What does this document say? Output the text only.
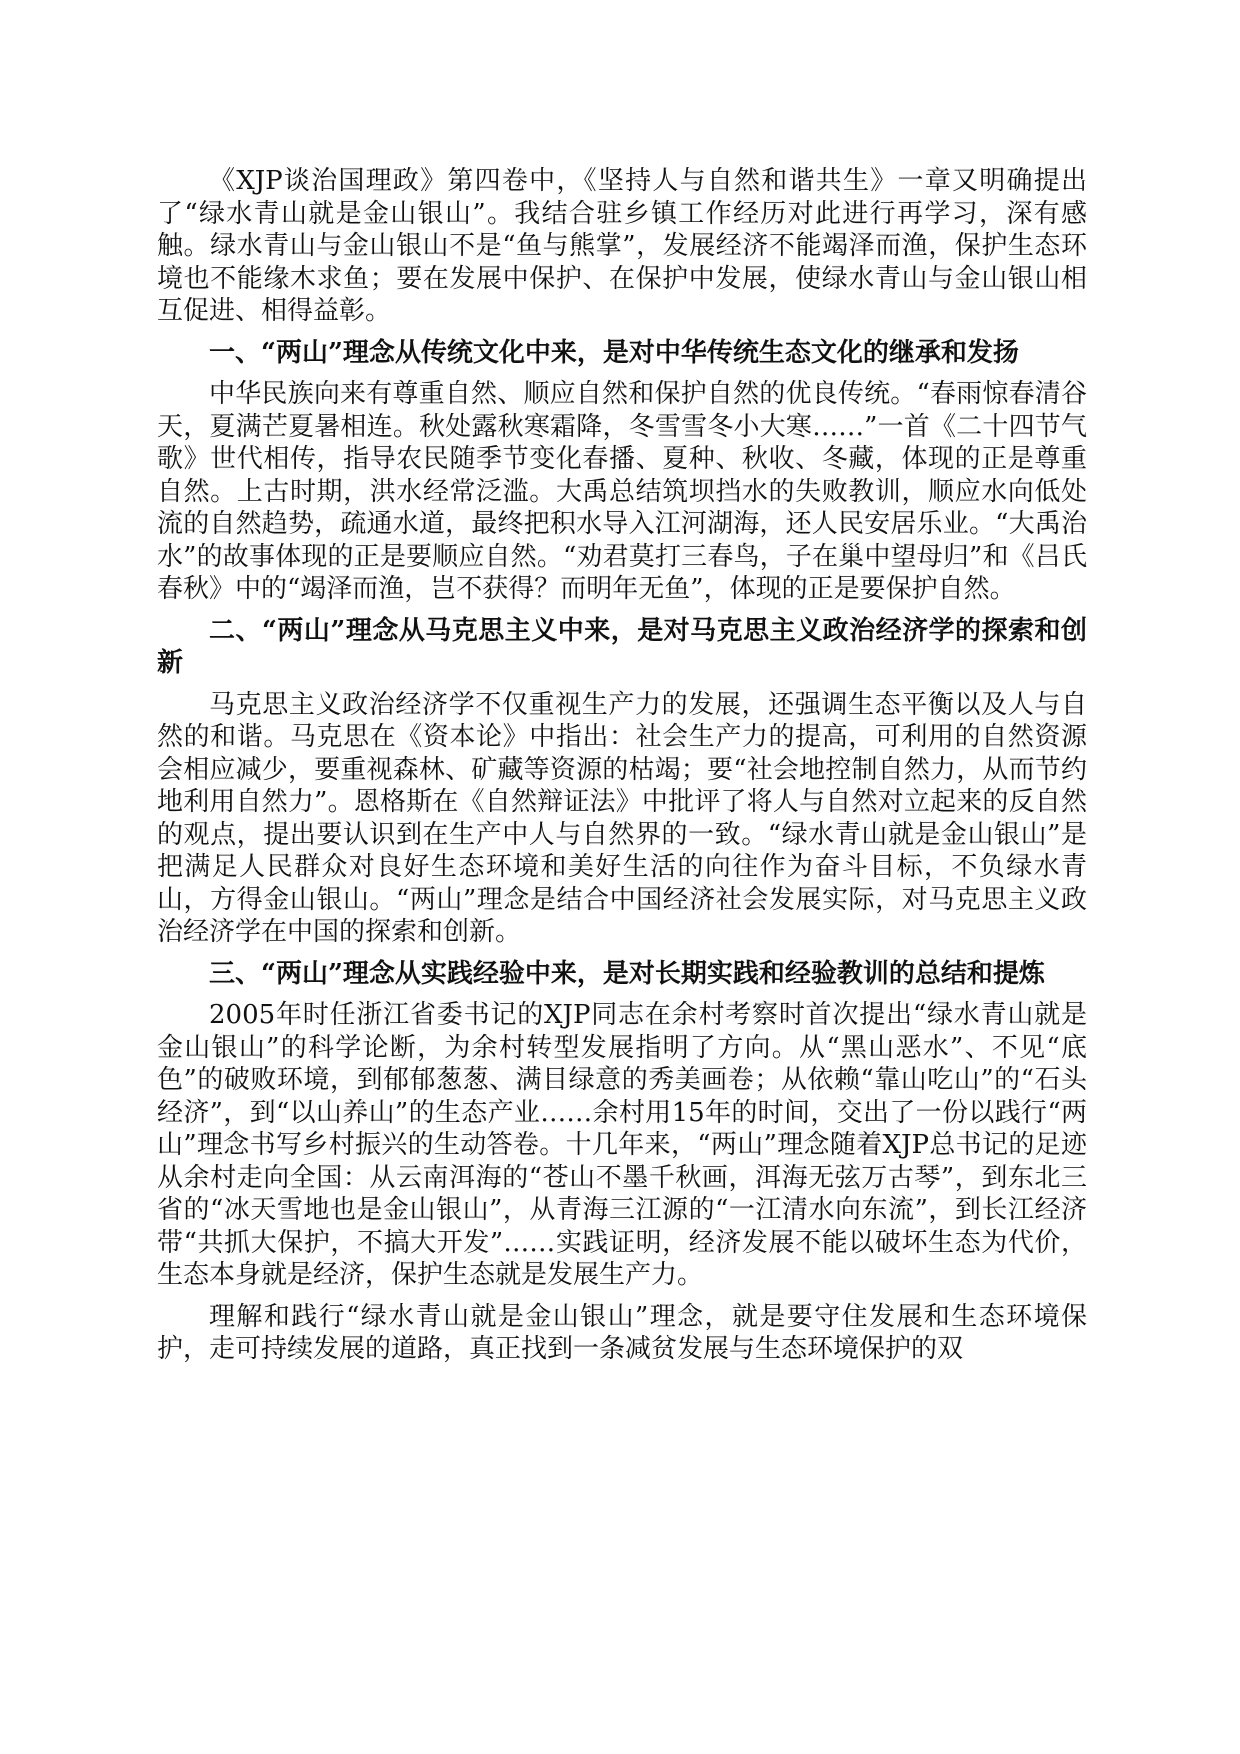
《XJP谈治国理政》第四卷中，《坚持人与自然和谐共生》一章又明确提出了“绿水青山就是金山银山”。我结合驻乡镇工作经历对此进行再学习，深有感触。绿水青山与金山银山不是“鱼与熊掌”，发展经济不能竭泽而渔，保护生态环境也不能缘木求鱼；要在发展中保护、在保护中发展，使绿水青山与金山银山相互促进、相得益彰。

一、“两山”理念从传统文化中来，是对中华传统生态文化的继承和发扬

中华民族向来有尊重自然、顺应自然和保护自然的优良传统。“春雨惊春清谷天，夏满芒夏暑相连。秋处露秋寒霜降，冬雪雪冬小大寒……”一首《二十四节气歌》世代相传，指导农民随季节变化春播、夏种、秋收、冬藏，体现的正是尊重自然。上古时期，洪水经常泛滥。大禹总结筑坝挡水的失败教训，顺应水向低处流的自然趋势，疏通水道，最终把积水导入江河湖海，还人民安居乐业。“大禹治水”的故事体现的正是要顺应自然。“劝君莫打三春鸟，子在巢中望母归”和《吕氏春秋》中的“竭泽而渔，岂不获得？而明年无鱼”，体现的正是要保护自然。

二、“两山”理念从马克思主义中来，是对马克思主义政治经济学的探索和创新

马克思主义政治经济学不仅重视生产力的发展，还强调生态平衡以及人与自然的和谐。马克思在《资本论》中指出：社会生产力的提高，可利用的自然资源会相应减少，要重视森林、矿藏等资源的枯竭；要“社会地控制自然力，从而节约地利用自然力”。恩格斯在《自然辩证法》中批评了将人与自然对立起来的反自然的观点，提出要认识到在生产中人与自然界的一致。“绿水青山就是金山银山”是把满足人民群众对良好生态环境和美好生活的向往作为奋斗目标，不负绿水青山，方得金山银山。“两山”理念是结合中国经济社会发展实际，对马克思主义政治经济学在中国的探索和创新。

三、“两山”理念从实践经验中来，是对长期实践和经验教训的总结和提炼

2005年时任浙江省委书记的XJP同志在余村考察时首次提出“绿水青山就是金山银山”的科学论断，为余村转型发展指明了方向。从“黑山恶水”、不见“底色”的破败环境，到郁郁葱葱、满目绿意的秀美画卷；从依赖“靠山吃山”的“石头经济”，到“以山养山”的生态产业……余村用15年的时间，交出了一份以践行“两山”理念书写乡村振兴的生动答卷。十几年来，“两山”理念随着XJP总书记的足迹从余村走向全国：从云南洱海的“苍山不墨千秋画，洱海无弦万古琴”，到东北三省的“冰天雪地也是金山银山”，从青海三江源的“一江清水向东流”，到长江经济带“共抓大保护，不搞大开发”……实践证明，经济发展不能以破坏生态为代价，生态本身就是经济，保护生态就是发展生产力。

理解和践行“绿水青山就是金山银山”理念，就是要守住发展和生态环境保护，走可持续发展的道路，真正找到一条减贫发展与生态环境保护的双
